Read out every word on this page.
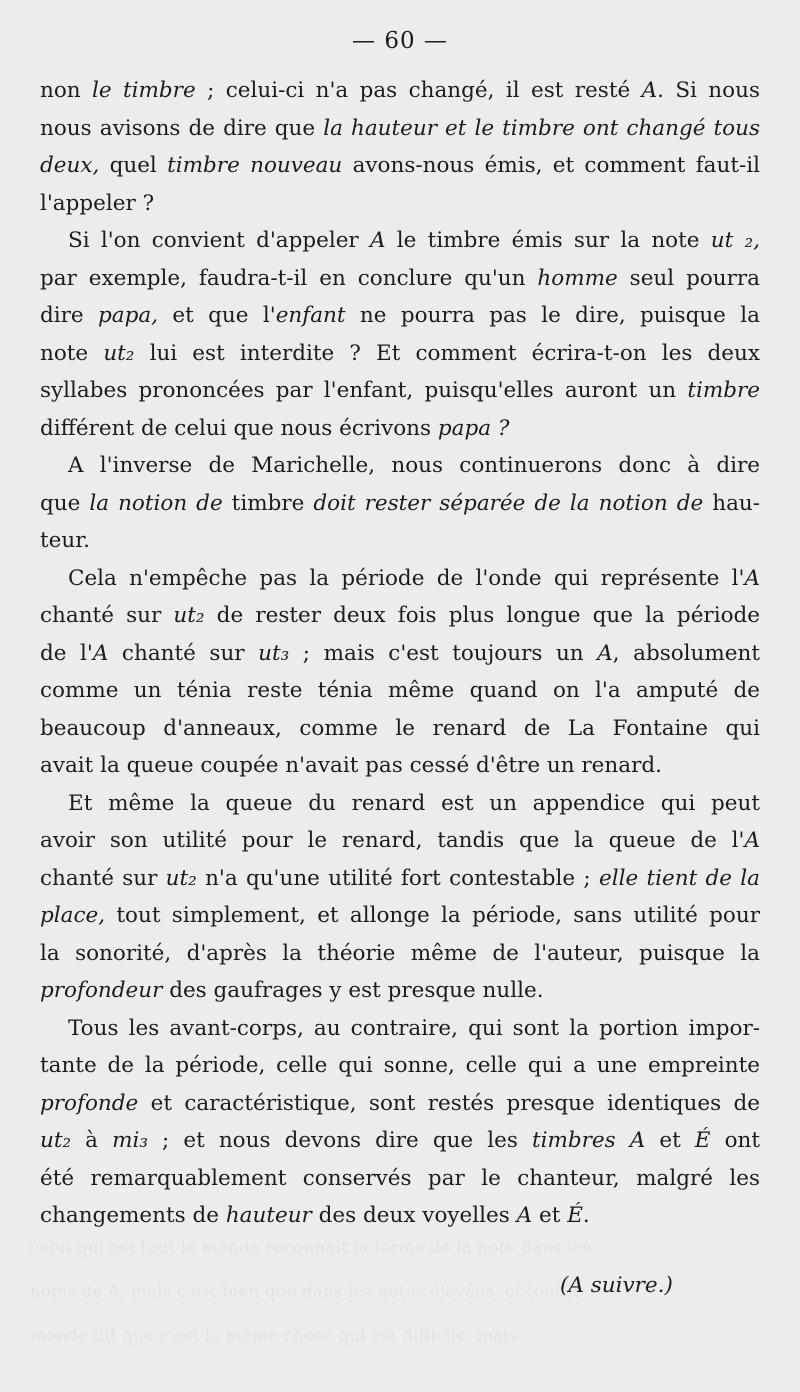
celui qui est tout le monde reconnaît la forme de la note dans les
noms de A, mais c'est bien que dans les notes élevées, et tout le
monde dit que c'est la même chose qui est difficile, mais
— 60 —
non le timbre ; celui-ci n'a pas changé, il est resté A. Si nous
nous avisons de dire que la hauteur et le timbre ont changé tous
deux, quel timbre nouveau avons-nous émis, et comment faut-il
l'appeler ?
Si l'on convient d'appeler A le timbre émis sur la note ut ₂,
par exemple, faudra-t-il en conclure qu'un homme seul pourra
dire papa, et que l'enfant ne pourra pas le dire, puisque la
note ut₂ lui est interdite ? Et comment écrira-t-on les deux
syllabes prononcées par l'enfant, puisqu'elles auront un timbre
différent de celui que nous écrivons papa ?
A l'inverse de Marichelle, nous continuerons donc à dire
que la notion de timbre doit rester séparée de la notion de hau-
teur.
Cela n'empêche pas la période de l'onde qui représente l'A
chanté sur ut₂ de rester deux fois plus longue que la période
de l'A chanté sur ut₃ ; mais c'est toujours un A, absolument
comme un ténia reste ténia même quand on l'a amputé de
beaucoup d'anneaux, comme le renard de La Fontaine qui
avait la queue coupée n'avait pas cessé d'être un renard.
Et même la queue du renard est un appendice qui peut
avoir son utilité pour le renard, tandis que la queue de l'A
chanté sur ut₂ n'a qu'une utilité fort contestable ; elle tient de la
place, tout simplement, et allonge la période, sans utilité pour
la sonorité, d'après la théorie même de l'auteur, puisque la
profondeur des gaufrages y est presque nulle.
Tous les avant-corps, au contraire, qui sont la portion impor-
tante de la période, celle qui sonne, celle qui a une empreinte
profonde et caractéristique, sont restés presque identiques de
ut₂ à mi₃ ; et nous devons dire que les timbres A et É ont
été remarquablement conservés par le chanteur, malgré les
changements de hauteur des deux voyelles A et É.
(A suivre.)
